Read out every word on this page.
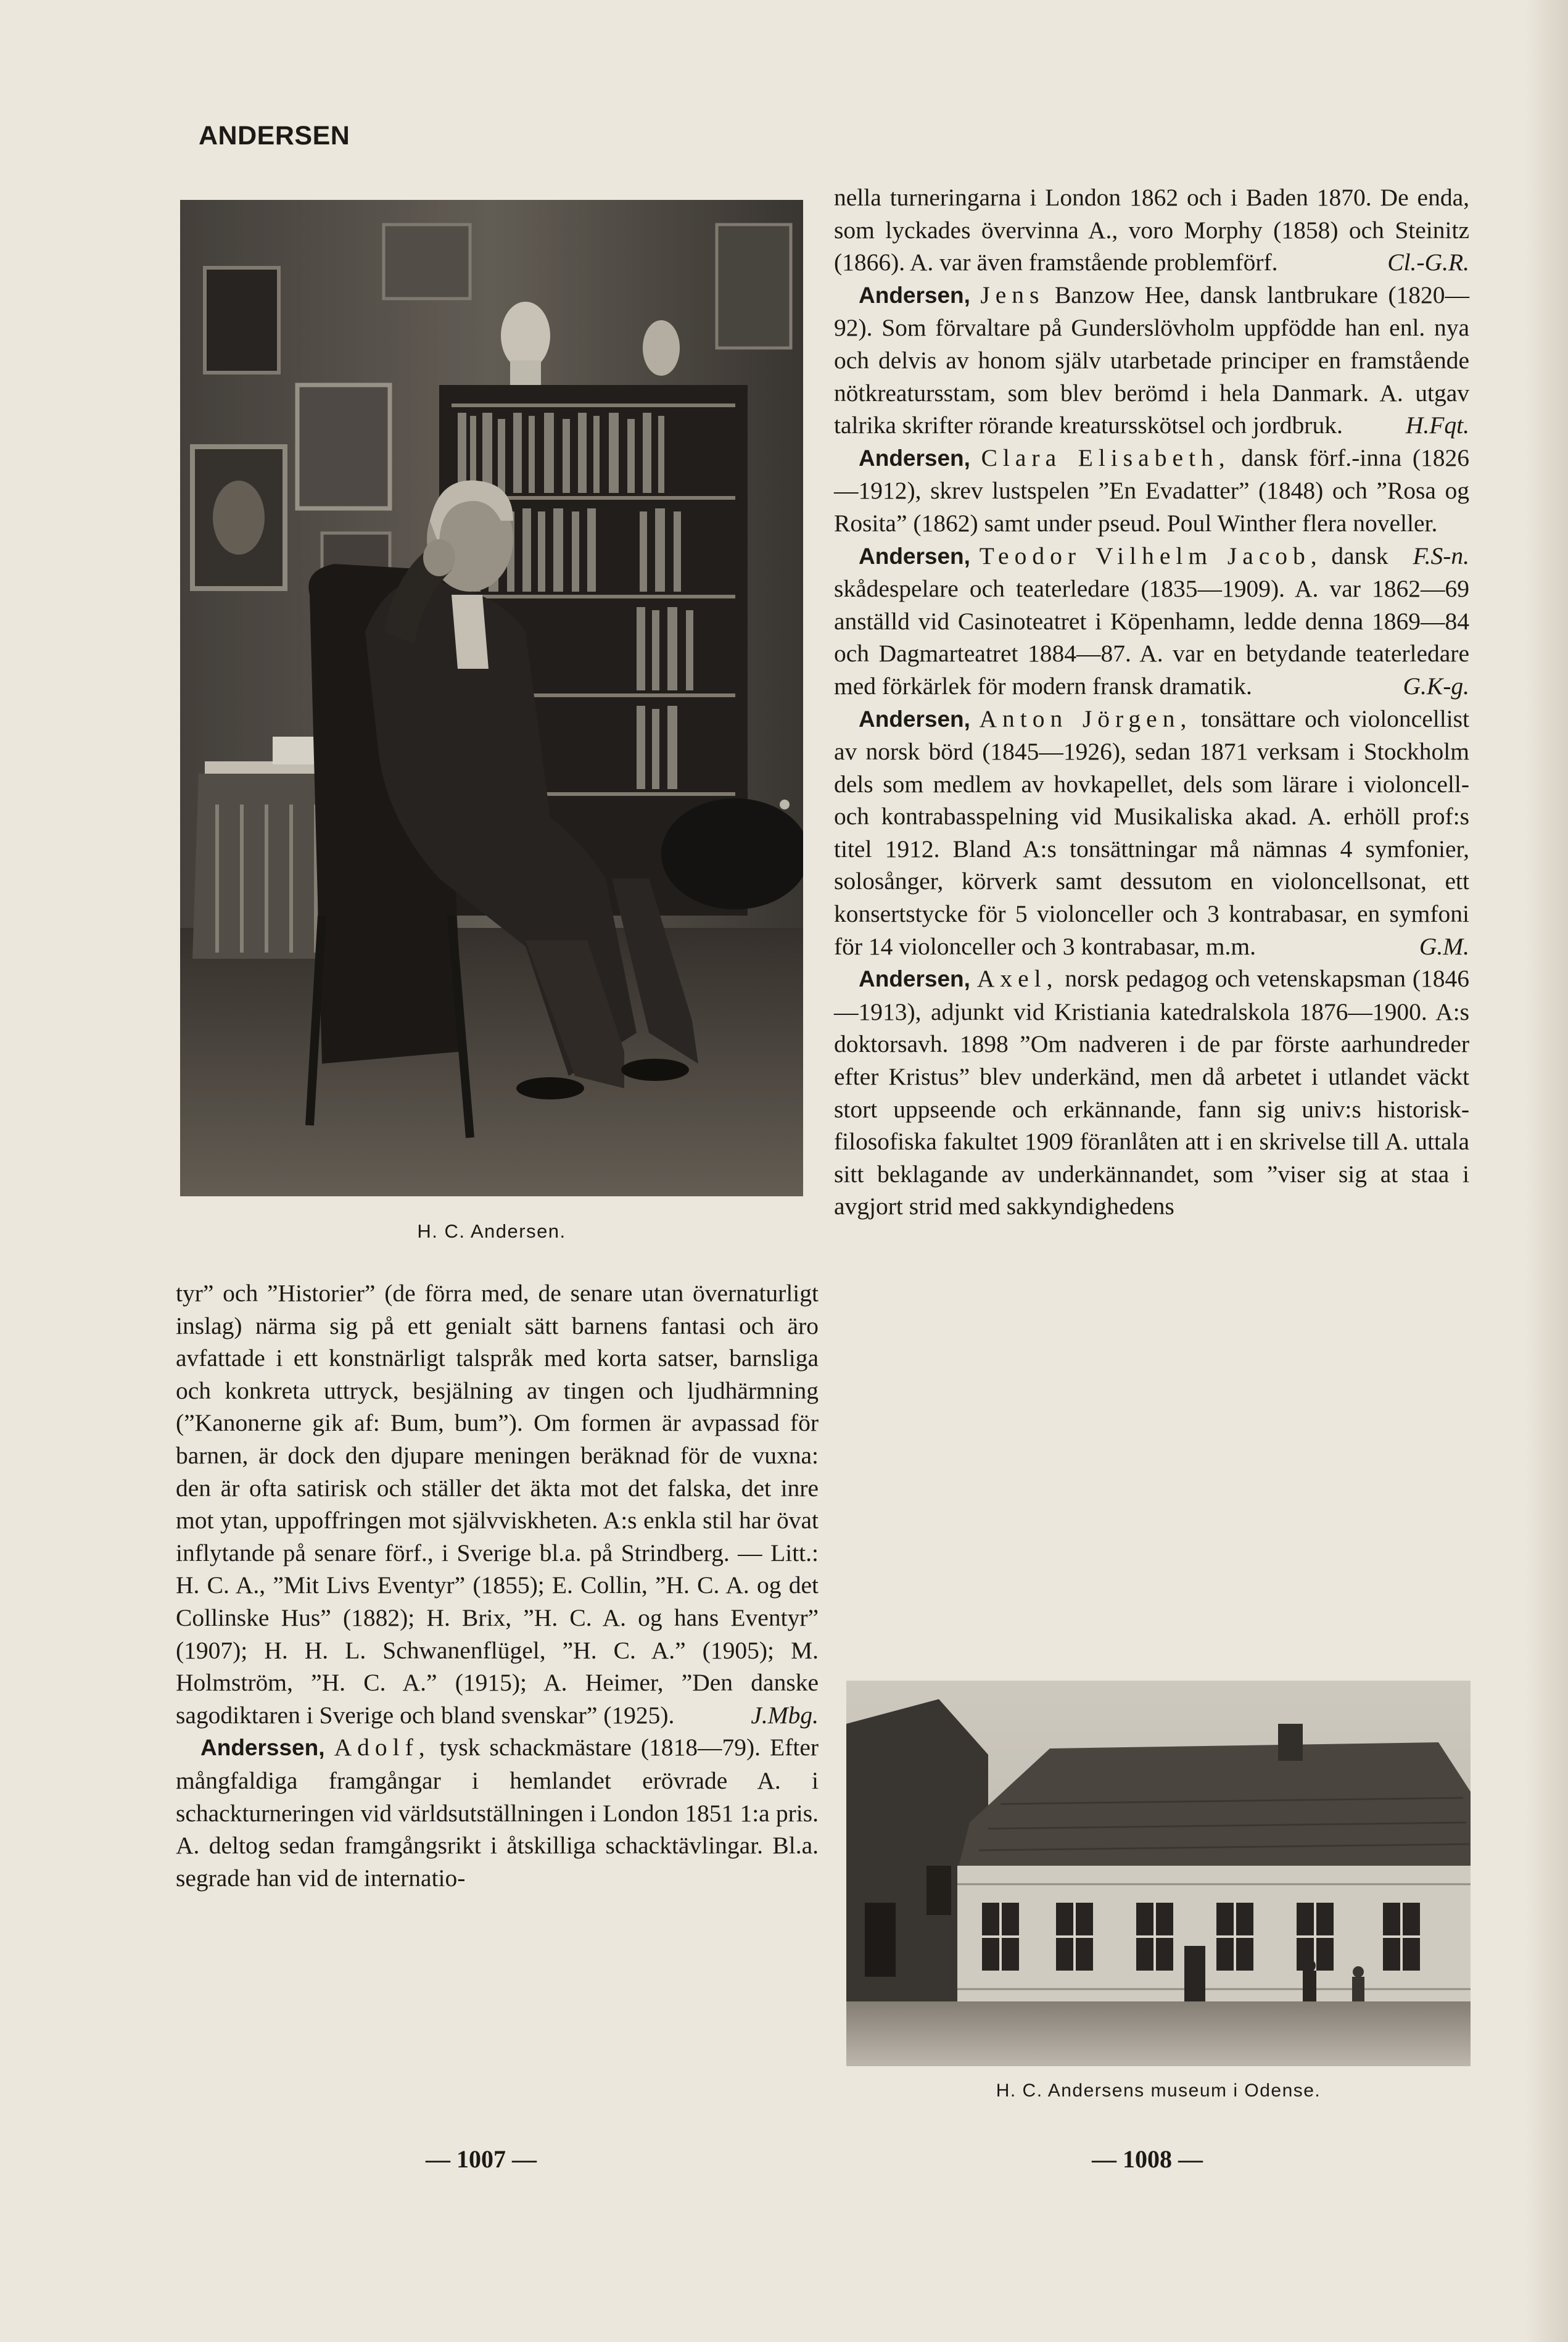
ANDERSEN
H. C. Andersen.

tyr” och ”Historier” (de förra med, de senare utan övernaturligt inslag) närma sig på ett genialt sätt barnens fantasi och äro avfattade i ett konstnärligt talspråk med korta satser, barnsliga och konkreta uttryck, besjälning av tingen och ljudhärmning (”Kanonerne gik af: Bum, bum”). Om formen är avpassad för barnen, är dock den djupare meningen beräknad för de vuxna: den är ofta satirisk och ställer det äkta mot det falska, det inre mot ytan, uppoffringen mot självviskheten. A:s enkla stil har övat inflytande på senare förf., i Sverige bl.a. på Strindberg. — Litt.: H. C. A., ”Mit Livs Eventyr” (1855); E. Collin, ”H. C. A. og det Collinske Hus” (1882); H. Brix, ”H. C. A. og hans Eventyr” (1907); H. H. L. Schwanenflügel, ”H. C. A.” (1905); M. Holmström, ”H. C. A.” (1915); A. Heimer, ”Den danske sagodiktaren i Sverige och bland svenskar” (1925).	J.Mbg.

Anderssen, Adolf, tysk schackmästare (1818—79). Efter mångfaldiga framgångar i hemlandet erövrade A. i schackturneringen vid världsutställningen i London 1851 1:a pris. A. deltog sedan framgångsrikt i åtskilliga schacktävlingar. Bl.a. segrade han vid de internatio-

— 1007 —

nella turneringarna i London 1862 och i Baden 1870. De enda, som lyckades övervinna A., voro Morphy (1858) och Steinitz (1866). A. var även framstående problemförf.	Cl.-G.R.

Andersen, Jens Banzow Hee, dansk lantbrukare (1820—92). Som förvaltare på Gunderslövholm uppfödde han enl. nya och delvis av honom själv utarbetade principer en framstående nötkreatursstam, som blev berömd i hela Danmark. A. utgav talrika skrifter rörande kreatursskötsel och jordbruk.	H.Fqt.

Andersen, Clara Elisabeth, dansk förf.-inna (1826—1912), skrev lustspelen ”En Evadatter” (1848) och ”Rosa og Rosita” (1862) samt under pseud. Poul Winther flera noveller.
F.S-n.

Andersen, Teodor Vilhelm Jacob, dansk skådespelare och teaterledare (1835—1909). A. var 1862—69 anställd vid Casinoteatret i Köpenhamn, ledde denna 1869—84 och Dagmarteatret 1884—87. A. var en betydande teaterledare med förkärlek för modern fransk dramatik.	G.K-g.

Andersen, Anton Jörgen, tonsättare och violoncellist av norsk börd (1845—1926), sedan 1871 verksam i Stockholm dels som medlem av hovkapellet, dels som lärare i violoncell- och kontrabasspelning vid Musikaliska akad. A. erhöll prof:s titel 1912. Bland A:s tonsättningar må nämnas 4 symfonier, solosånger, körverk samt dessutom en violoncellsonat, ett konsertstycke för 5 violonceller och 3 kontrabasar, en symfoni för 14 violonceller och 3 kontrabasar, m.m.	G.M.

Andersen, Axel, norsk pedagog och vetenskapsman (1846—1913), adjunkt vid Kristiania katedralskola 1876—1900. A:s doktorsavh. 1898 ”Om nadveren i de par förste aarhundreder efter Kristus” blev underkänd, men då arbetet i utlandet väckt stort uppseende och erkännande, fann sig univ:s historisk-filosofiska fakultet 1909 föranlåten att i en skrivelse till A. uttala sitt beklagande av underkännandet, som ”viser sig at staa i avgjort strid med sakkyndighedens

H. C. Andersens museum i Odense.
— 1008 —
